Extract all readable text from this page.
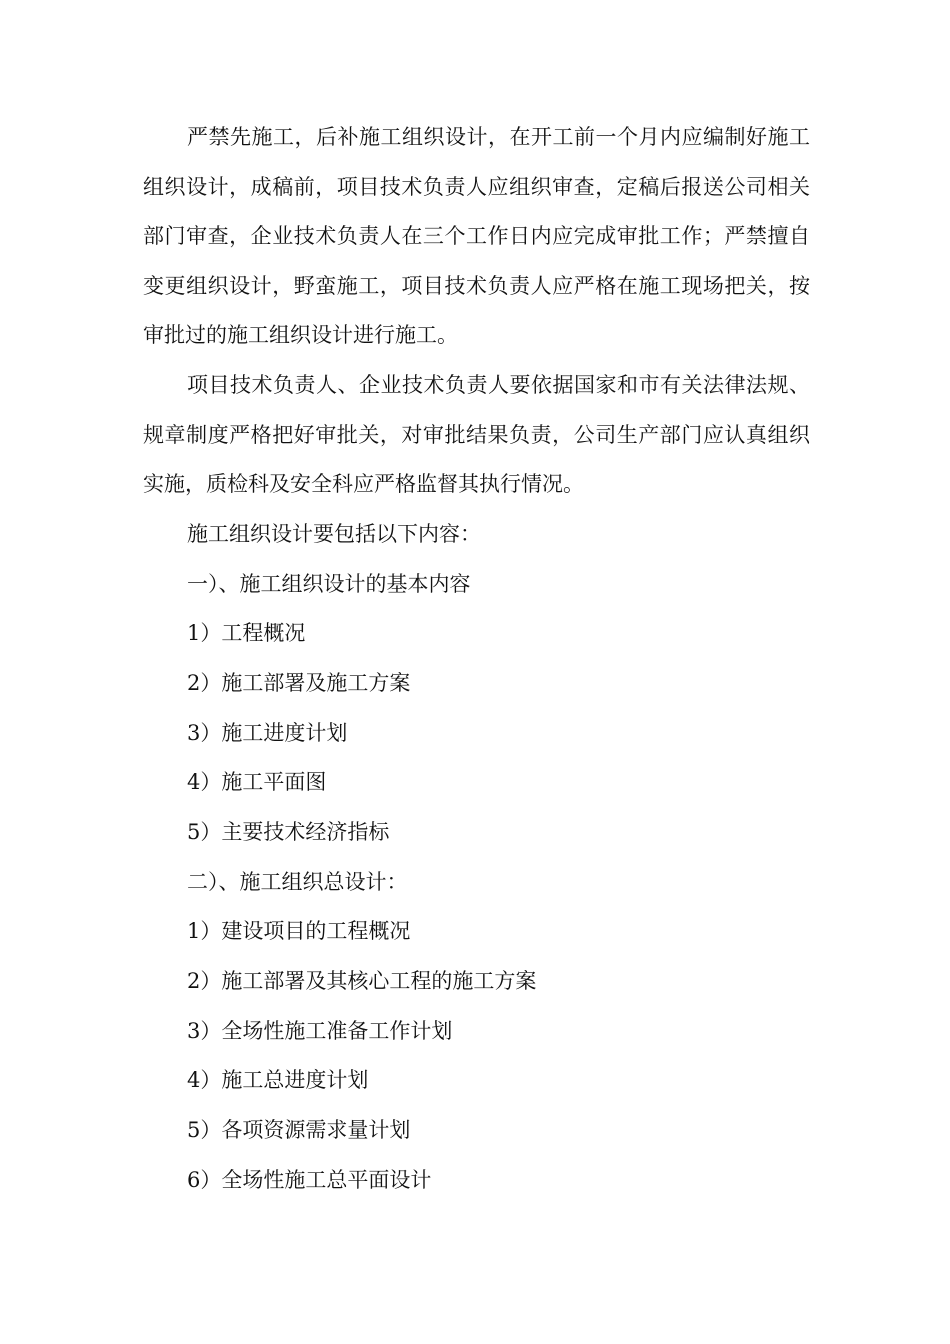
严禁先施工，后补施工组织设计，在开工前一个月内应编制好施工组织设计，成稿前，项目技术负责人应组织审查，定稿后报送公司相关部门审查，企业技术负责人在三个工作日内应完成审批工作；严禁擅自变更组织设计，野蛮施工，项目技术负责人应严格在施工现场把关，按审批过的施工组织设计进行施工。

项目技术负责人、企业技术负责人要依据国家和市有关法律法规、规章制度严格把好审批关，对审批结果负责，公司生产部门应认真组织实施，质检科及安全科应严格监督其执行情况。

施工组织设计要包括以下内容：

一）、施工组织设计的基本内容

1）工程概况

2）施工部署及施工方案

3）施工进度计划

4）施工平面图

5）主要技术经济指标

二）、施工组织总设计：

1）建设项目的工程概况

2）施工部署及其核心工程的施工方案

3）全场性施工准备工作计划

4）施工总进度计划

5）各项资源需求量计划

6）全场性施工总平面设计
